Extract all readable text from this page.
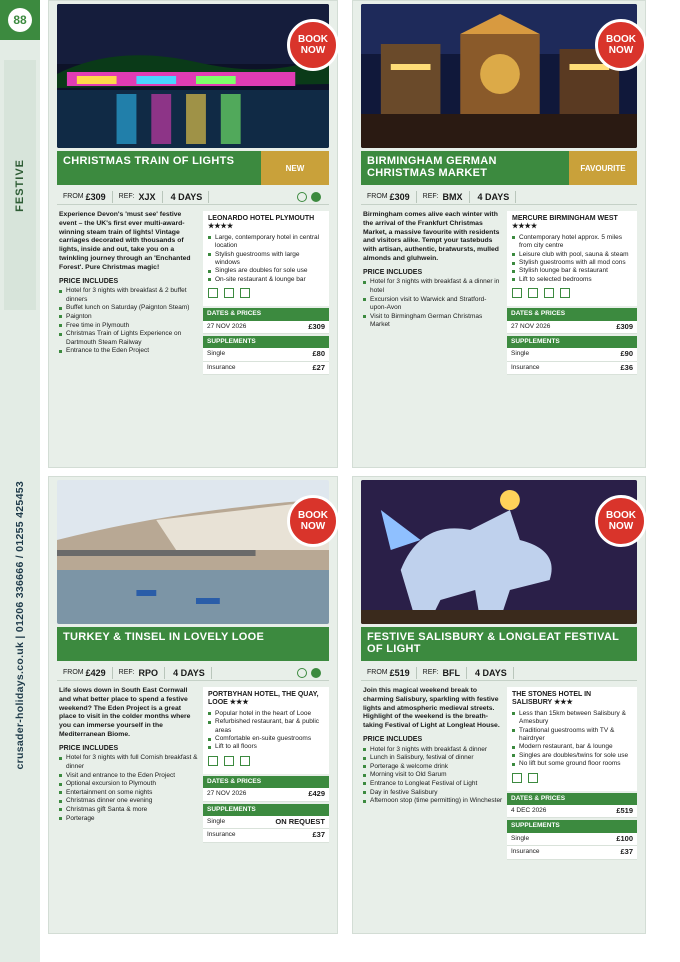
88
FESTIVE
crusader-holidays.co.uk | 01206 336666 / 01255 425453
BOOK NOW
CHRISTMAS TRAIN OF LIGHTS
NEW
FROM £309 REF:
XJX 4 DAYS

Experience Devon's 'must see' festive event – the UK's first ever multi-award-winning steam train of lights! Vintage carriages decorated with thousands of lights, inside and out, take you on a twinkling journey through an 'Enchanted Forest'. Pure Christmas magic!

PRICE INCLUDES
Hotel for 3 nights with breakfast & 2 buffet dinners
Buffet lunch on Saturday (Paignton Steam)
Paignton
Free time in Plymouth
Christmas Train of Lights Experience on Dartmouth Steam Railway
Entrance to the Eden Project
LEONARDO HOTEL PLYMOUTH ★★★★
Large, contemporary hotel in central location
Stylish guestrooms with large windows
Singles are doubles for sole use
On-site restaurant & lounge bar
DATES & PRICES
27 NOV 2026	£309
SUPPLEMENTS
Single	£80
Insurance	£27
BOOK NOW
BIRMINGHAM GERMAN CHRISTMAS MARKET	FAVOURITE
FROM £309 REF:
BMX 4 DAYS

Birmingham comes alive each winter with the arrival of the Frankfurt Christmas Market, a massive favourite with residents and visitors alike. Tempt your tastebuds with artisan, authentic, bratwursts, mulled almonds and gluhwein.

PRICE INCLUDES
Hotel for 3 nights with breakfast & a dinner in hotel
Excursion visit to Warwick and Stratford-upon-Avon
Visit to Birmingham German Christmas Market
MERCURE BIRMINGHAM WEST ★★★★
Contemporary hotel approx. 5 miles from city centre
Leisure club with pool, sauna & steam
Stylish guestrooms with all mod cons
Stylish lounge bar & restaurant
Lift to selected bedrooms
DATES & PRICES
27 NOV 2026	£309
SUPPLEMENTS
Single	£90
Insurance	£36
BOOK NOW
TURKEY & TINSEL IN LOVELY LOOE
FROM £429 REF:
RPO 4 DAYS

Life slows down in South East Cornwall and what better place to spend a festive weekend? The Eden Project is a great place to visit in the colder months where you can immerse yourself in the Mediterranean Biome.

PRICE INCLUDES
Hotel for 3 nights with full Cornish breakfast & dinner
Visit and entrance to the Eden Project
Optional excursion to Plymouth
Entertainment on some nights
Christmas dinner one evening
Christmas gift Santa & more
Porterage
PORTBYHAN HOTEL, THE QUAY, LOOE ★★★
Popular hotel in the heart of Looe
Refurbished restaurant, bar & public areas
Comfortable en-suite guestrooms
Lift to all floors
DATES & PRICES
27 NOV 2026	£429
SUPPLEMENTS
Single	ON REQUEST
Insurance	£37
BOOK NOW
FESTIVE SALISBURY & LONGLEAT FESTIVAL OF LIGHT
FROM £519 REF:
BFL 4 DAYS

Join this magical weekend break to charming Salisbury, sparkling with festive lights and atmospheric medieval streets. Highlight of the weekend is the breath-taking Festival of Light at Longleat House.

PRICE INCLUDES
Hotel for 3 nights with breakfast & dinner
Lunch in Salisbury, festival of dinner
Porterage & welcome drink
Morning visit to Old Sarum
Entrance to Longleat Festival of Light
Day in festive Salisbury
Afternoon stop (time permitting) in Winchester
THE STONES HOTEL IN SALISBURY ★★★
Less than 15km between Salisbury & Amesbury
Traditional guestrooms with TV & hairdryer
Modern restaurant, bar & lounge
Singles are doubles/twins for sole use
No lift but some ground floor rooms
DATES & PRICES
4 DEC 2026	£519
SUPPLEMENTS
Single	£100
Insurance	£37
